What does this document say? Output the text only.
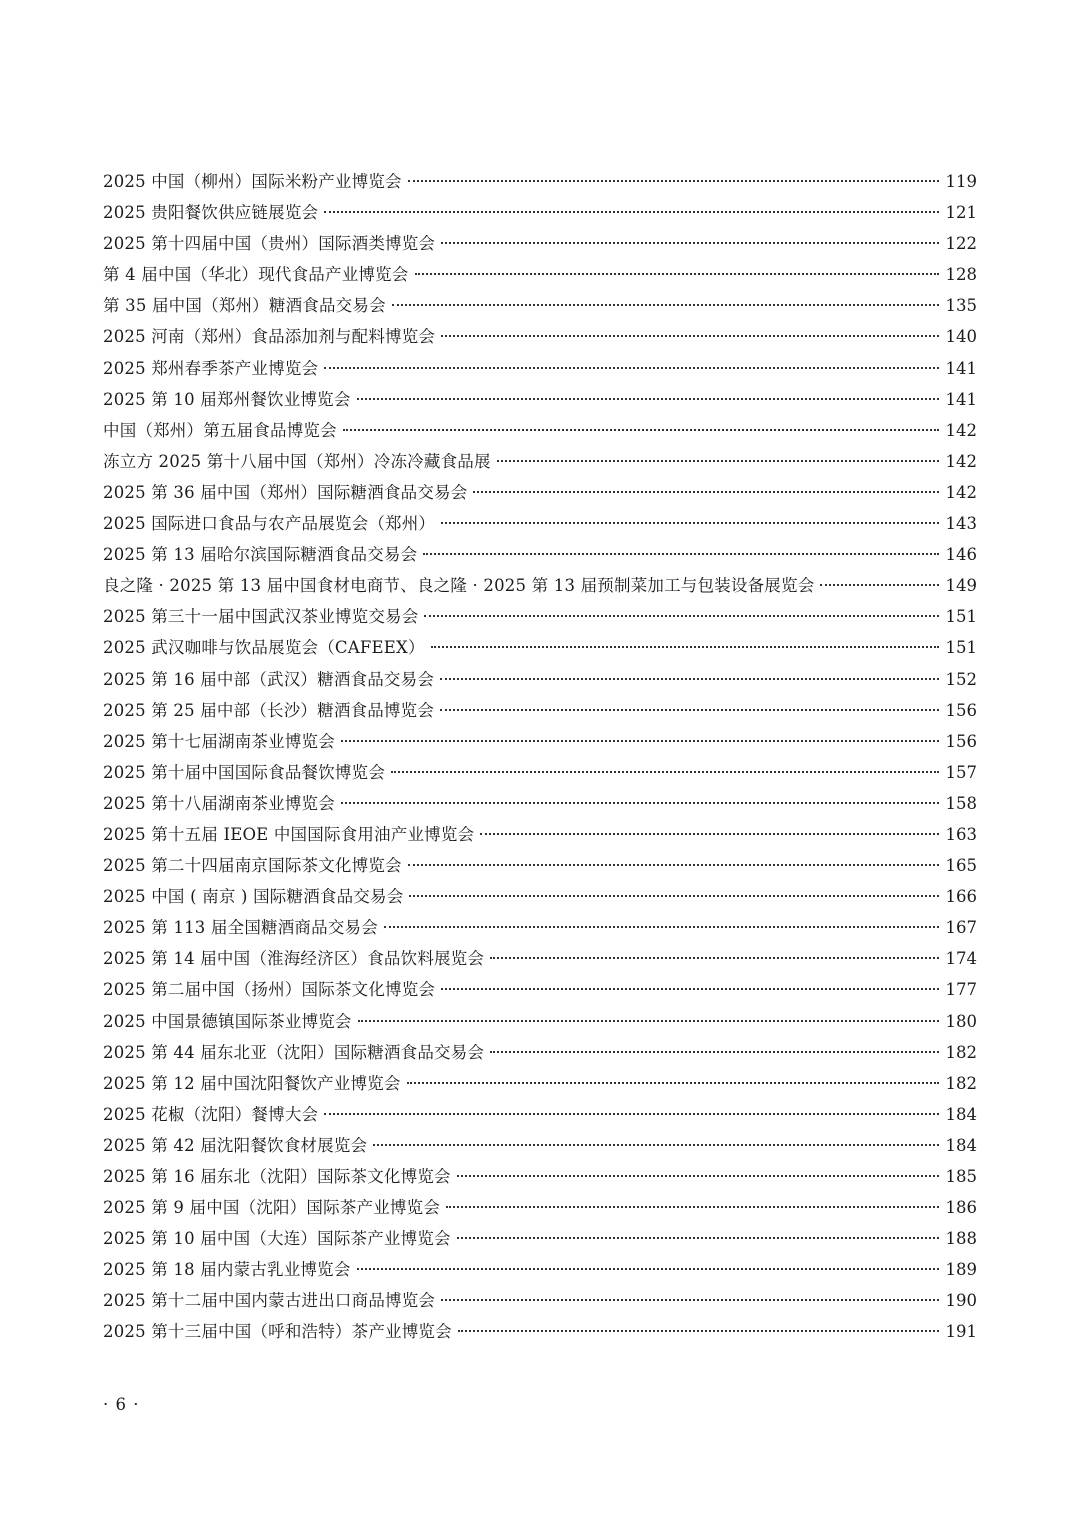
2025 中国（柳州）国际米粉产业博览会	119
2025 贵阳餐饮供应链展览会	121
2025 第十四届中国（贵州）国际酒类博览会	122
第 4 届中国（华北）现代食品产业博览会	128
第 35 届中国（郑州）糖酒食品交易会	135
2025 河南（郑州）食品添加剂与配料博览会	140
2025 郑州春季茶产业博览会	141
2025 第 10 届郑州餐饮业博览会	141
中国（郑州）第五届食品博览会	142
冻立方 2025 第十八届中国（郑州）冷冻冷藏食品展	142
2025 第 36 届中国（郑州）国际糖酒食品交易会	142
2025 国际进口食品与农产品展览会（郑州）	143
2025 第 13 届哈尔滨国际糖酒食品交易会	146
良之隆 · 2025 第 13 届中国食材电商节、良之隆 · 2025 第 13 届预制菜加工与包装设备展览会	149
2025 第三十一届中国武汉茶业博览交易会	151
2025 武汉咖啡与饮品展览会（CAFEEX）	151
2025 第 16 届中部（武汉）糖酒食品交易会	152
2025 第 25 届中部（长沙）糖酒食品博览会	156
2025 第十七届湖南茶业博览会	156
2025 第十届中国国际食品餐饮博览会	157
2025 第十八届湖南茶业博览会	158
2025 第十五届 IEOE 中国国际食用油产业博览会	163
2025 第二十四届南京国际茶文化博览会	165
2025 中国 ( 南京 ) 国际糖酒食品交易会	166
2025 第 113 届全国糖酒商品交易会	167
2025 第 14 届中国（淮海经济区）食品饮料展览会	174
2025 第二届中国（扬州）国际茶文化博览会	177
2025 中国景德镇国际茶业博览会	180
2025 第 44 届东北亚（沈阳）国际糖酒食品交易会	182
2025 第 12 届中国沈阳餐饮产业博览会	182
2025 花椒（沈阳）餐博大会	184
2025 第 42 届沈阳餐饮食材展览会	184
2025 第 16 届东北（沈阳）国际茶文化博览会	185
2025 第 9 届中国（沈阳）国际茶产业博览会	186
2025 第 10 届中国（大连）国际茶产业博览会	188
2025 第 18 届内蒙古乳业博览会	189
2025 第十二届中国内蒙古进出口商品博览会	190
2025 第十三届中国（呼和浩特）茶产业博览会	191
· 6 ·
